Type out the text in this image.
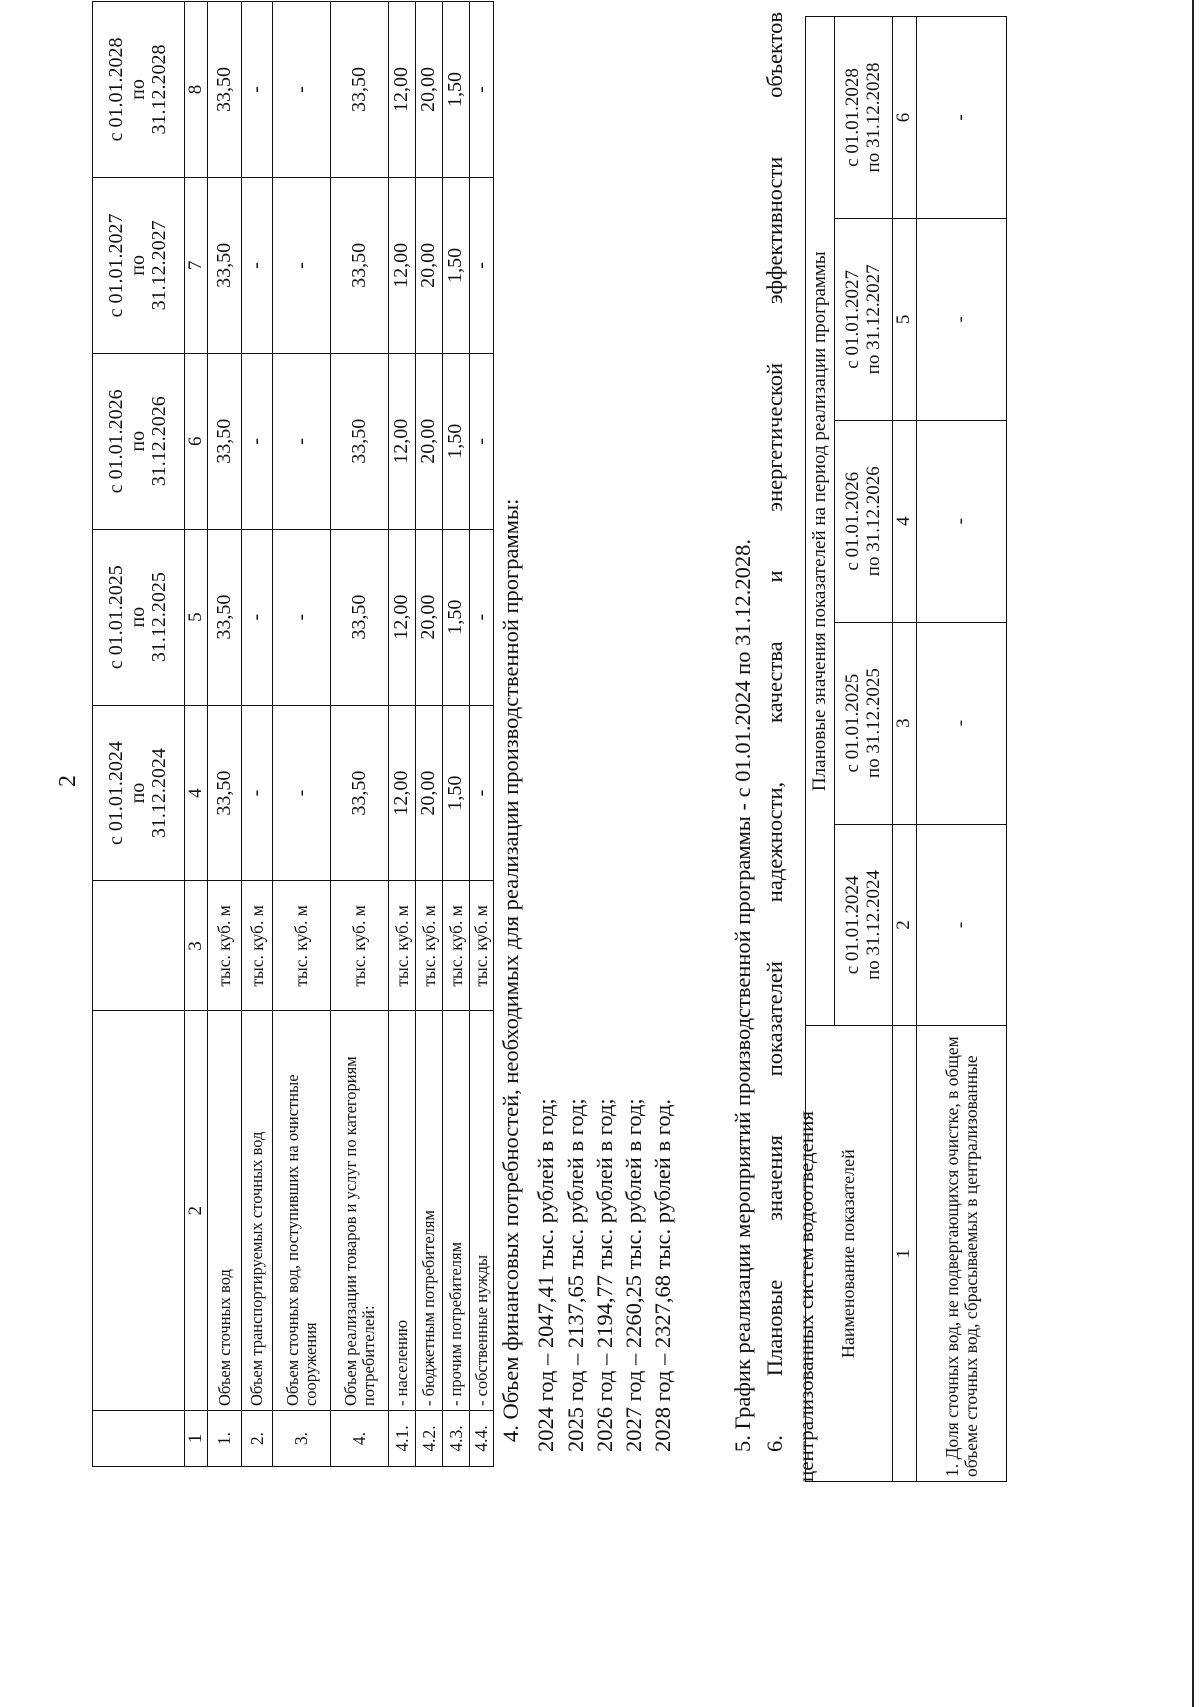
2
			с 01.01.2024
по
31.12.2024	с 01.01.2025
по
31.12.2025	с 01.01.2026
по
31.12.2026	с 01.01.2027
по
31.12.2027	с 01.01.2028
по
31.12.2028
1	2	3	4	5	6	7	8
1.	Объем сточных вод	тыс. куб. м	33,50	33,50	33,50	33,50	33,50
2.	Объем транспортируемых сточных вод	тыс. куб. м	-	-	-	-	-
3.	Объем сточных вод, поступивших на очистные сооружения	тыс. куб. м	-	-	-	-	-
4.	Объем реализации товаров и услуг по категориям потребителей:	тыс. куб. м	33,50	33,50	33,50	33,50	33,50
4.1.	- населению	тыс. куб. м	12,00	12,00	12,00	12,00	12,00
4.2.	- бюджетным потребителям	тыс. куб. м	20,00	20,00	20,00	20,00	20,00
4.3.	- прочим потребителям	тыс. куб. м	1,50	1,50	1,50	1,50	1,50
4.4.	- собственные нужды	тыс. куб. м	-	-	-	-	-
4. Объем финансовых потребностей, необходимых для реализации производственной программы: 2024 год – 2047,41 тыс. рублей в год; 2025 год – 2137,65 тыс. рублей в год; 2026 год – 2194,77 тыс. рублей в год; 2027 год – 2260,25 тыс. рублей в год; 2028 год – 2327,68 тыс. рублей в год. 5. График реализации мероприятий производственной программы - с 01.01.2024 по 31.12.2028. 6. Плановые значения показателей надежности, качества и энергетической эффективности объектов централизованных систем водоотведения Наименование показателей	Плановые значения показателей на период реализации программы				
	с 01.01.2024
по 31.12.2024	с 01.01.2025
по 31.12.2025	с 01.01.2026
по 31.12.2026	с 01.01.2027
по 31.12.2027	с 01.01.2028
по 31.12.2028
1	2	3	4	5	6
1. Доля сточных вод, не подвергающихся очистке, в общем объеме сточных вод, сбрасываемых в централизованные	-	-	-	-	-
